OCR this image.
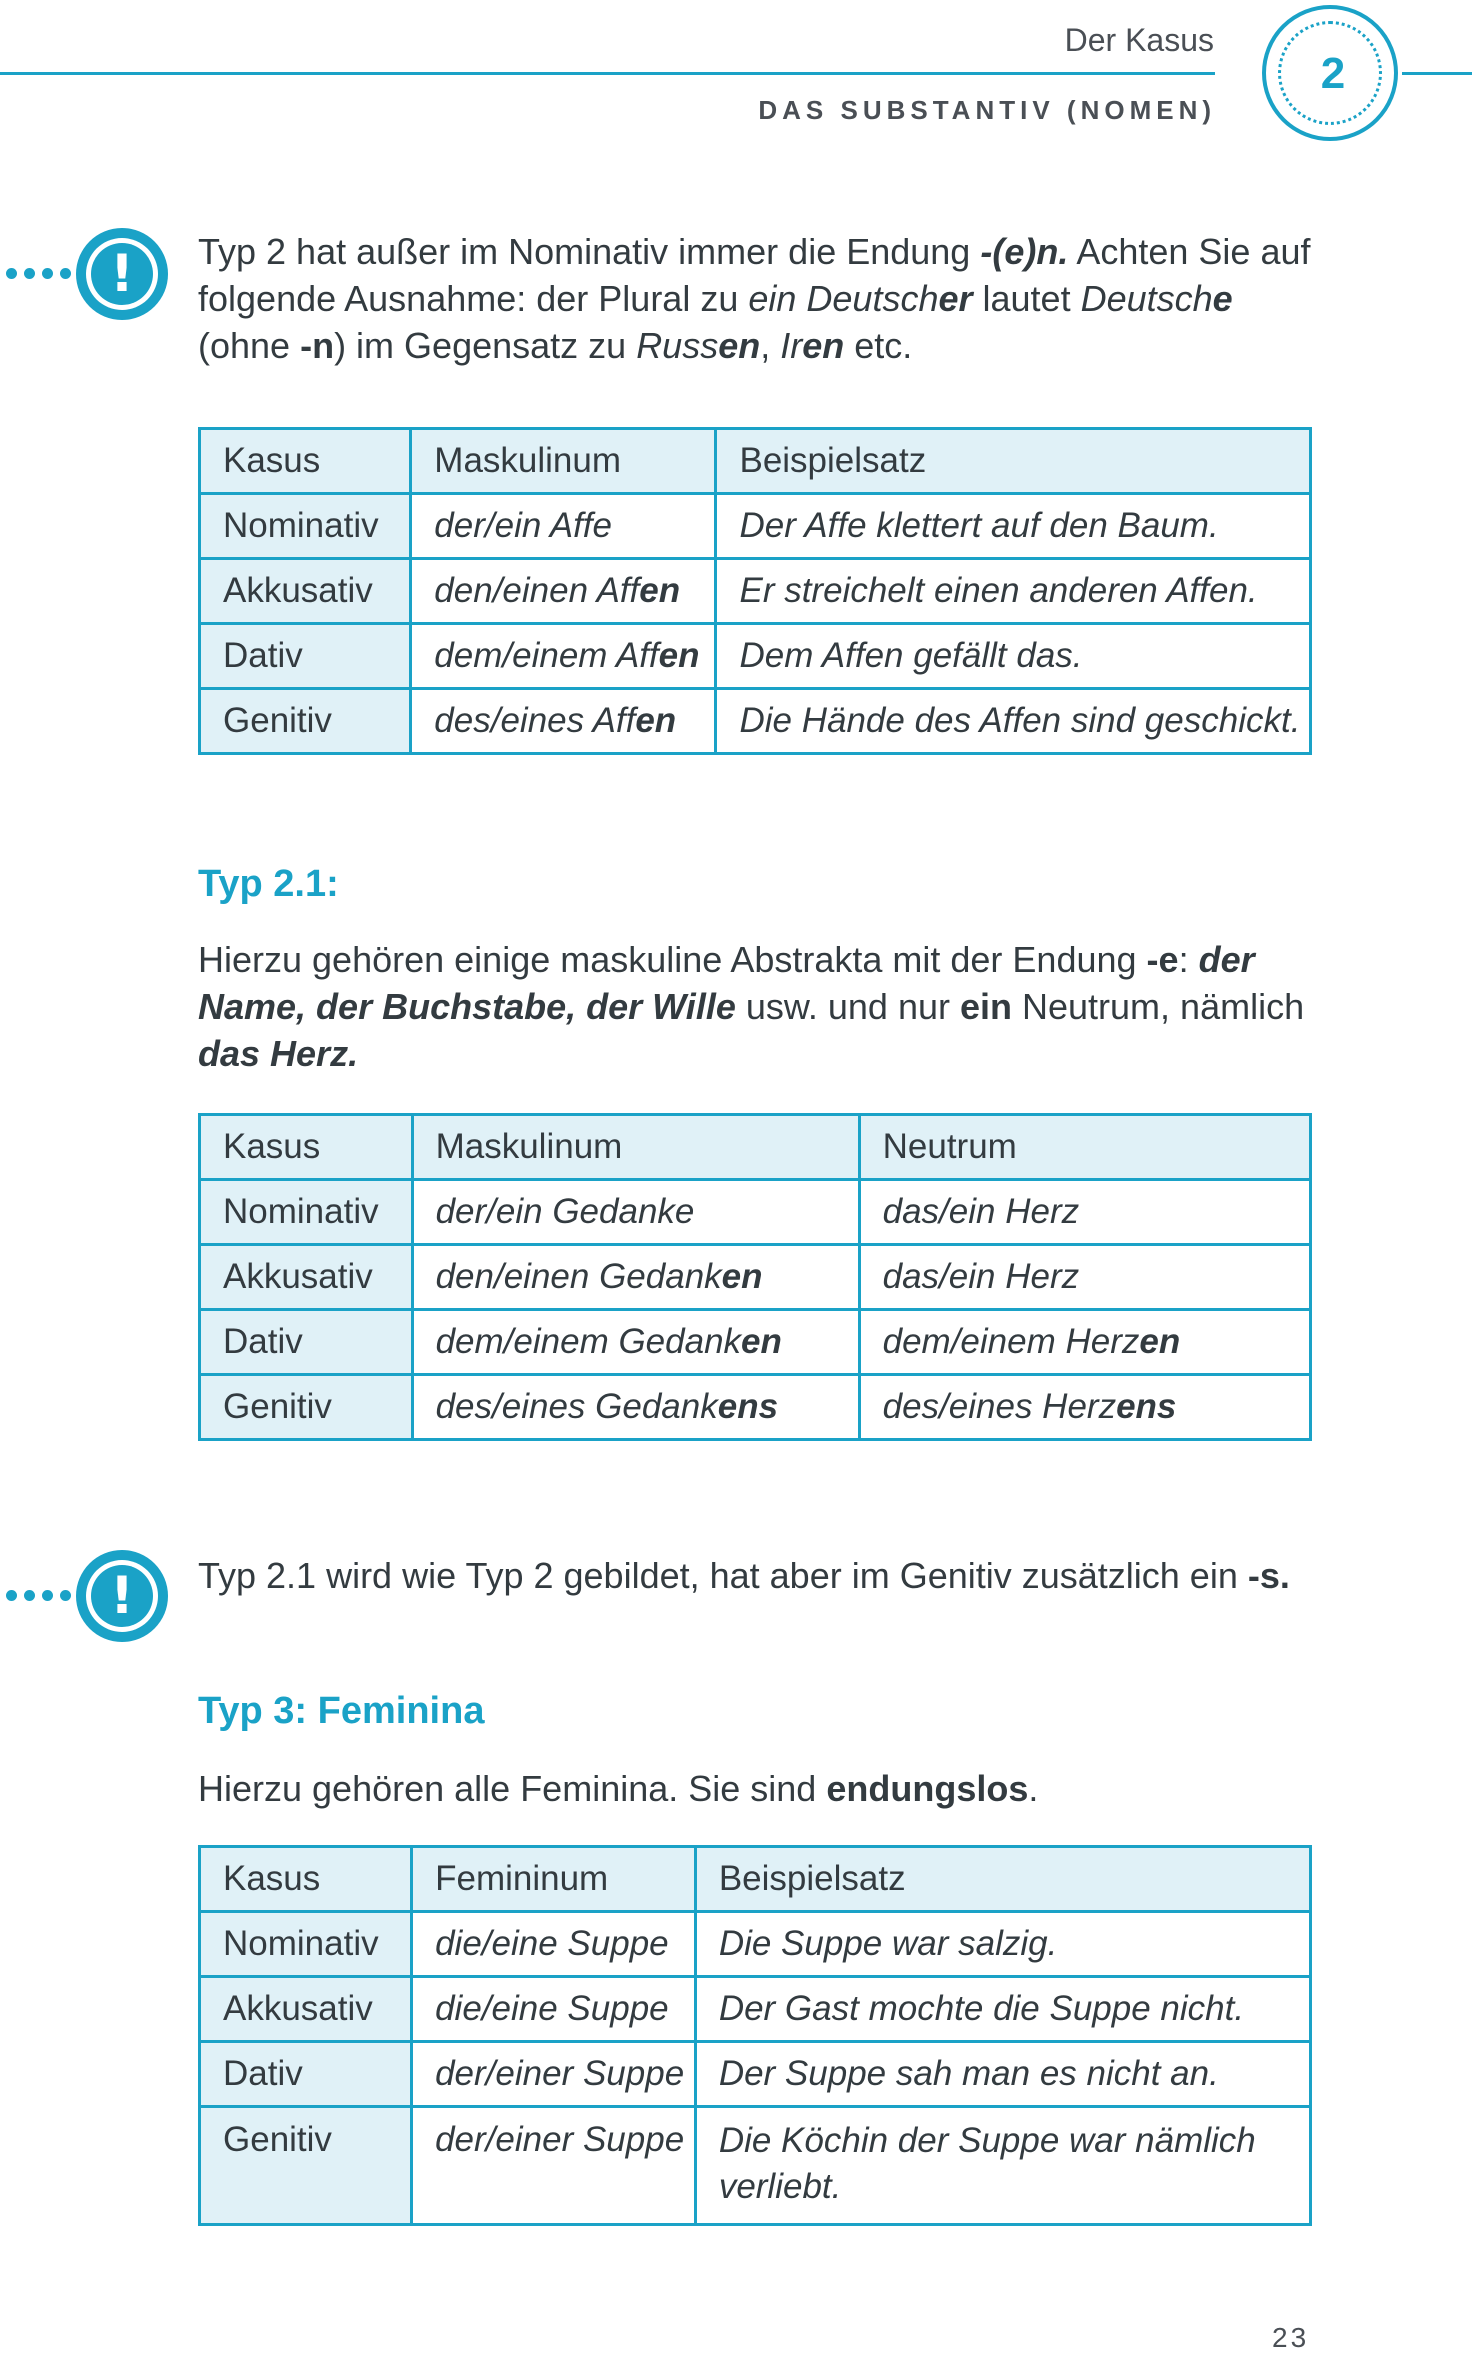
Der Kasus
DAS SUBSTANTIV (NOMEN)
2
!	Typ 2 hat außer im Nominativ immer die Endung -(e)n. Achten Sie auf folgende Ausnahme: der Plural zu ein Deutscher lautet Deutsche (ohne -n) im Gegensatz zu Russen, Iren etc.
Kasus	Maskulinum	Beispielsatz
Nominativ	der/ein Affe	Der Affe klettert auf den Baum.
Akkusativ	den/einen Affen	Er streichelt einen anderen Affen.
Dativ	dem/einem Affen	Dem Affen gefällt das.
Genitiv	des/eines Affen	Die Hände des Affen sind geschickt.
Typ 2.1:
Hierzu gehören einige maskuline Abstrakta mit der Endung -e: der Name, der Buchstabe, der Wille usw. und nur ein Neutrum, nämlich das Herz.
Kasus	Maskulinum	Neutrum
Nominativ	der/ein Gedanke	das/ein Herz
Akkusativ	den/einen Gedanken	das/ein Herz
Dativ	dem/einem Gedanken	dem/einem Herzen
Genitiv	des/eines Gedankens	des/eines Herzens
!	Typ 2.1 wird wie Typ 2 gebildet, hat aber im Genitiv zusätzlich ein -s.
Typ 3: Feminina
Hierzu gehören alle Feminina. Sie sind endungslos.
Kasus	Femininum	Beispielsatz
Nominativ	die/eine Suppe	Die Suppe war salzig.
Akkusativ	die/eine Suppe	Der Gast mochte die Suppe nicht.
Dativ	der/einer Suppe	Der Suppe sah man es nicht an.
Genitiv	der/einer Suppe	Die Köchin der Suppe war nämlich verliebt.
23
